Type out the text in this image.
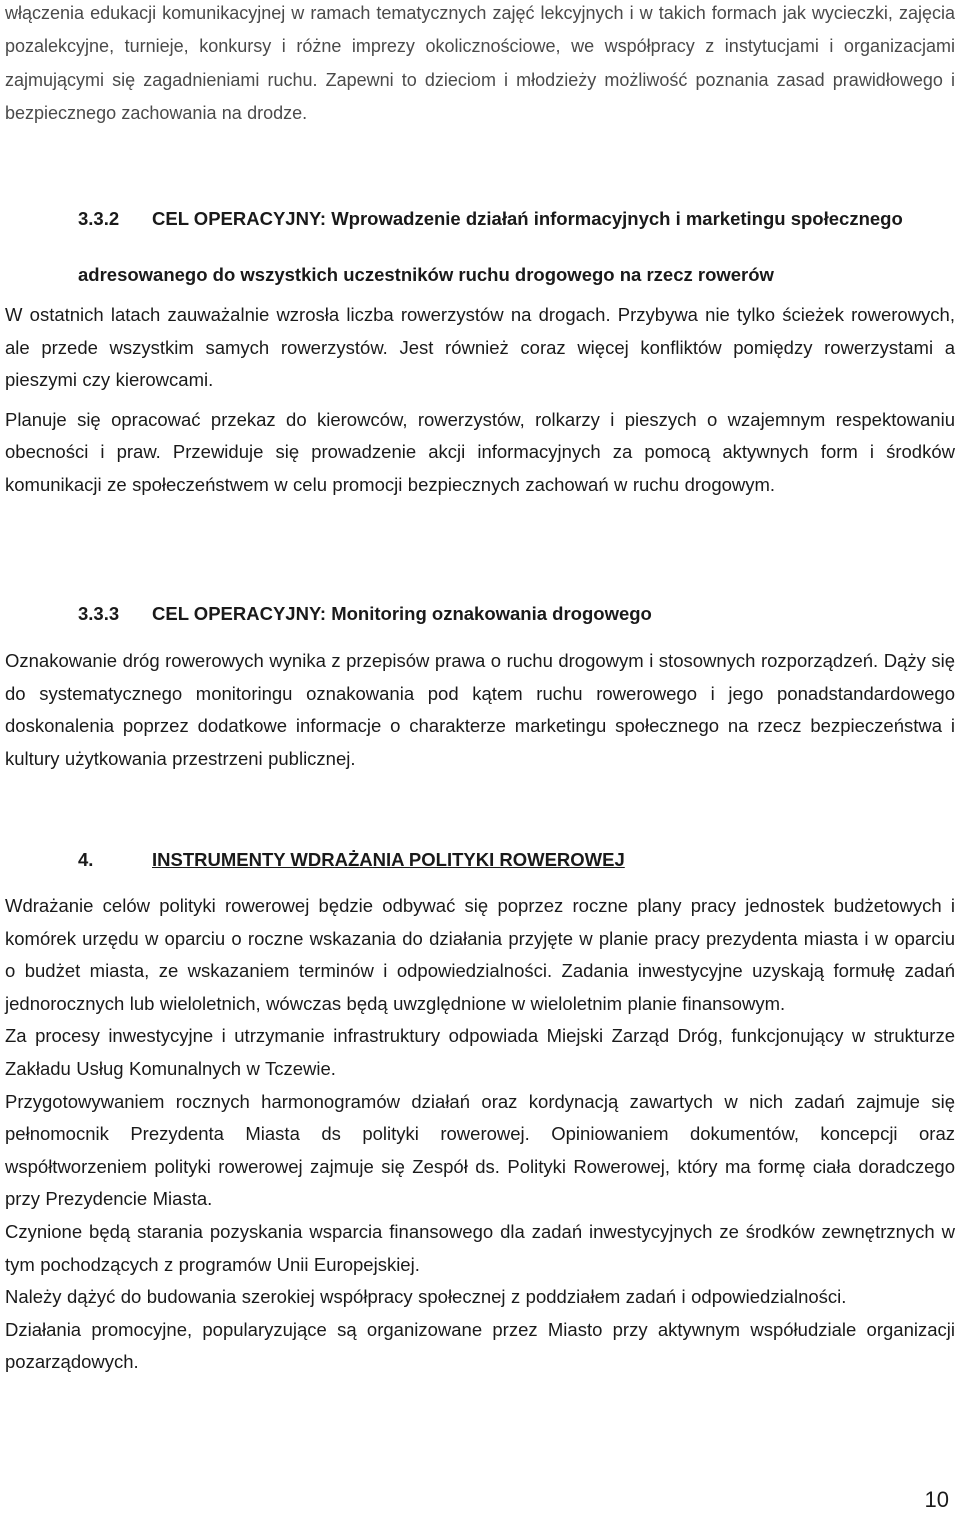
włączenia edukacji komunikacyjnej w ramach tematycznych zajęć lekcyjnych i w takich formach jak wycieczki, zajęcia pozalekcyjne, turnieje, konkursy i różne imprezy okolicznościowe, we współpracy z instytucjami i organizacjami zajmującymi się zagadnieniami ruchu. Zapewni to dzieciom i młodzieży możliwość poznania zasad prawidłowego i bezpiecznego zachowania na drodze.

3.3.2 CEL OPERACYJNY: Wprowadzenie działań informacyjnych i marketingu społecznego adresowanego do wszystkich uczestników ruchu drogowego na rzecz rowerów

W ostatnich latach zauważalnie wzrosła liczba rowerzystów na drogach. Przybywa nie tylko ścieżek rowerowych, ale przede wszystkim samych rowerzystów. Jest również coraz więcej konfliktów pomiędzy rowerzystami a pieszymi czy kierowcami.

Planuje się opracować przekaz do kierowców, rowerzystów, rolkarzy i pieszych o wzajemnym respektowaniu obecności i praw. Przewiduje się prowadzenie akcji informacyjnych za pomocą aktywnych form i środków komunikacji ze społeczeństwem w celu promocji bezpiecznych zachowań w ruchu drogowym.

3.3.3 CEL OPERACYJNY: Monitoring oznakowania drogowego

Oznakowanie dróg rowerowych wynika z przepisów prawa o ruchu drogowym i stosownych rozporządzeń. Dąży się do systematycznego monitoringu oznakowania pod kątem ruchu rowerowego i jego ponadstandardowego doskonalenia poprzez dodatkowe informacje o charakterze marketingu społecznego na rzecz bezpieczeństwa i kultury użytkowania przestrzeni publicznej.

4.	INSTRUMENTY WDRAŻANIA POLITYKI ROWEROWEJ

Wdrażanie celów polityki rowerowej będzie odbywać się poprzez roczne plany pracy jednostek budżetowych i komórek urzędu w oparciu o roczne wskazania do działania przyjęte w planie pracy prezydenta miasta i w oparciu o budżet miasta, ze wskazaniem terminów i odpowiedzialności. Zadania inwestycyjne uzyskają formułę zadań jednorocznych lub wieloletnich, wówczas będą uwzględnione w wieloletnim planie finansowym.

Za procesy inwestycyjne i utrzymanie infrastruktury odpowiada Miejski Zarząd Dróg, funkcjonujący w strukturze Zakładu Usług Komunalnych w Tczewie.

Przygotowywaniem rocznych harmonogramów działań oraz kordynacją zawartych w nich zadań zajmuje się pełnomocnik Prezydenta Miasta ds polityki rowerowej. Opiniowaniem dokumentów, koncepcji oraz współtworzeniem polityki rowerowej zajmuje się Zespół ds. Polityki Rowerowej, który ma formę ciała doradczego przy Prezydencie Miasta.

Czynione będą starania pozyskania wsparcia finansowego dla zadań inwestycyjnych ze środków zewnętrznych w tym pochodzących z programów Unii Europejskiej.

Należy dążyć do budowania szerokiej współpracy społecznej z poddziałem zadań i odpowiedzialności.

Działania promocyjne, popularyzujące są organizowane przez Miasto przy aktywnym współudziale organizacji pozarządowych.

10
